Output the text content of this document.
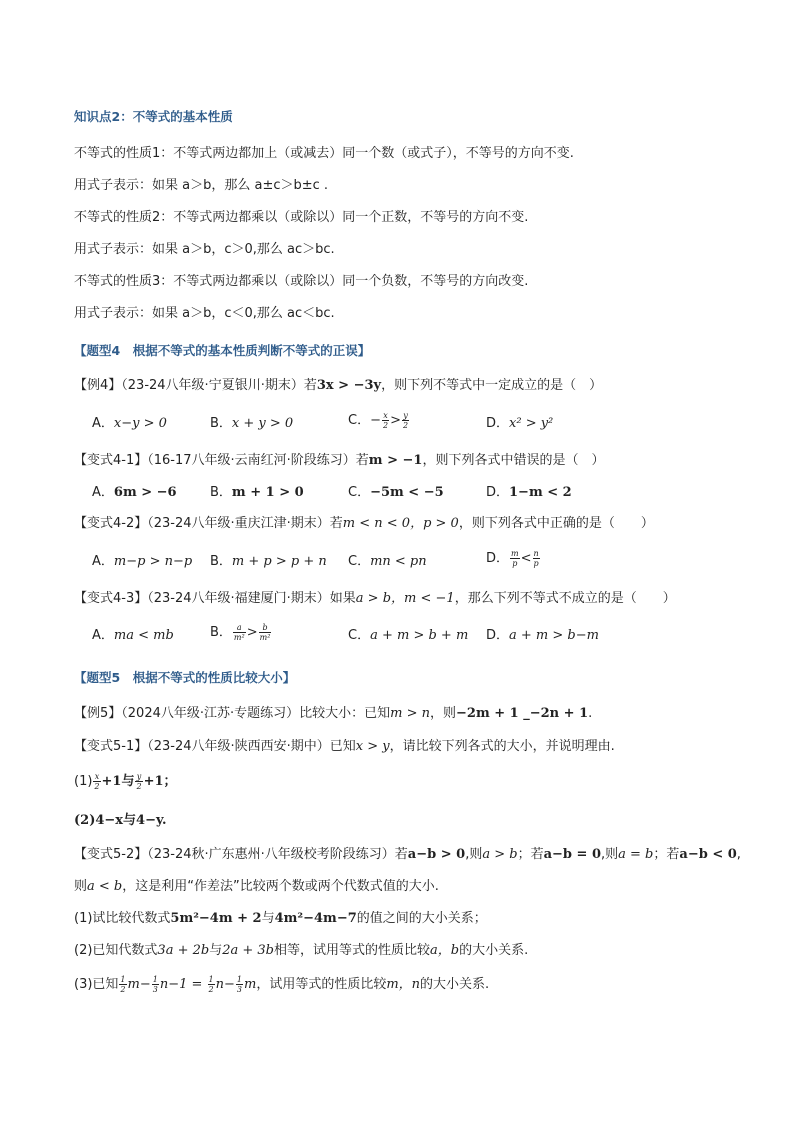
知识点2：不等式的基本性质
不等式的性质1：不等式两边都加上（或减去）同一个数（或式子），不等号的方向不变.
用式子表示：如果 a＞b，那么 a±c＞b±c .
不等式的性质2：不等式两边都乘以（或除以）同一个正数，不等号的方向不变.
用式子表示：如果 a＞b，c＞0,那么 ac＞bc.
不等式的性质3：不等式两边都乘以（或除以）同一个负数，不等号的方向改变.
用式子表示：如果 a＞b，c＜0,那么 ac＜bc.
【题型4　根据不等式的基本性质判断不等式的正误】
【例4】（23-24八年级·宁夏银川·期末）若3x > −3y，则下列不等式中一定成立的是（　）
A．x−y > 0	B．x + y > 0	C．− $\frac{x}{2} > \frac{y}{2}$	D．x² > y²
【变式4-1】（16-17八年级·云南红河·阶段练习）若m > −1，则下列各式中错误的是（　）
A．6m > −6	B．m + 1 > 0	C．−5m < −5	D．1−m < 2
【变式4-2】（23-24八年级·重庆江津·期末）若m < n < 0，p > 0，则下列各式中正确的是（　　）
A．m−p > n−p B．m + p > p + n C．mn < pn	D． $\frac{m}{p} < \frac{n}{p}$
【变式4-3】（23-24八年级·福建厦门·期末）如果a > b，m < −1，那么下列不等式不成立的是（　　）
A．ma < mb	B． $\frac{a}{\text{m²}} > \frac{b}{\text{m²}}$	C．a + m > b + m D．a + m > b−m
【题型5　根据不等式的性质比较大小】
【例5】（2024八年级·江苏·专题练习）比较大小：已知m > n，则−2m + 1 _−2n + 1.
【变式5-1】（23-24八年级·陕西西安·期中）已知x > y，请比较下列各式的大小，并说明理由.
$(1) \frac{x}{2} +1$与 $\frac{y}{2} +1$；
(2)4−x与4−y.
【变式5-2】（23-24秋·广东惠州·八年级校考阶段练习）若a−b > 0,则a > b；若a−b = 0,则a = b；若a−b < 0,
则a < b，这是利用“作差法”比较两个数或两个代数式值的大小.
(1)试比较代数式5m²−4m + 2与4m²−4m−7的值之间的大小关系；
(2)已知代数式3a + 2b与2a + 3b相等，试用等式的性质比较a，b的大小关系.
(3)已知 $\frac{1}{2} m- \frac{1}{3} n-1 = \frac{1}{2} n- \frac{1}{3}$ m，试用等式的性质比较m，n的大小关系.
